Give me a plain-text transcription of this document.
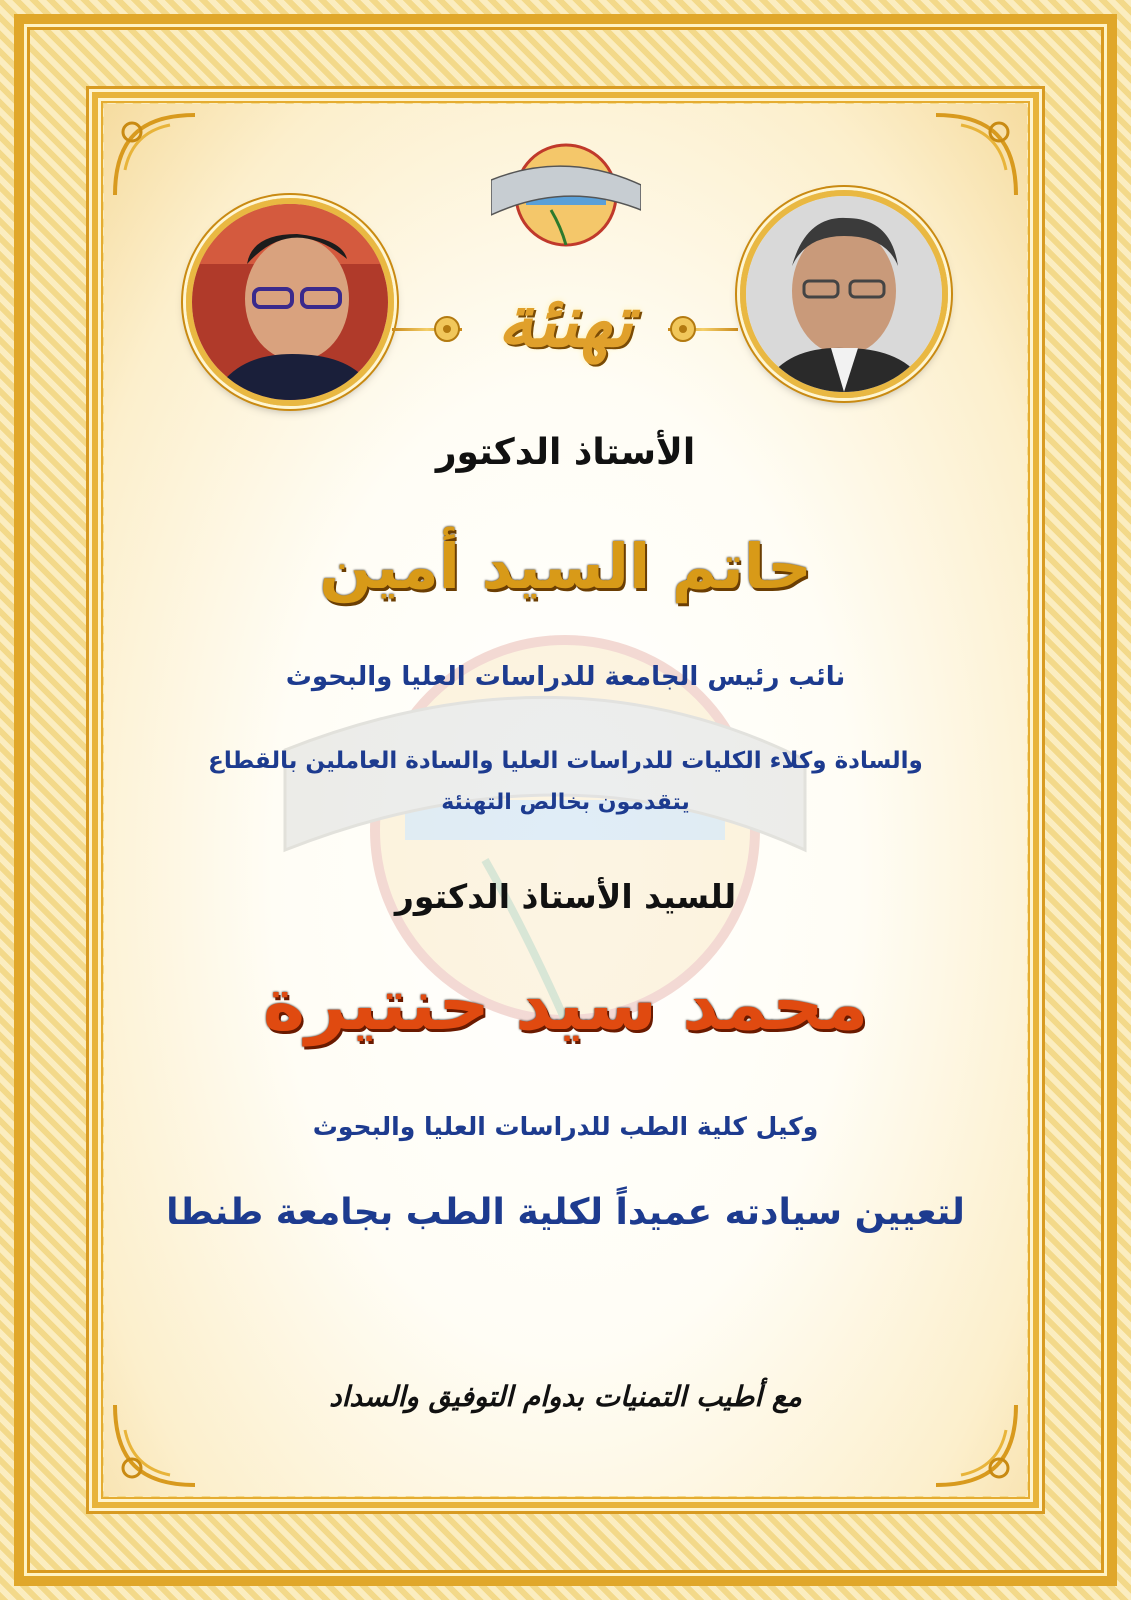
تهنئة
الأستاذ الدكتور
حاتم السيد أمين
نائب رئيس الجامعة للدراسات العليا والبحوث
والسادة وكلاء الكليات للدراسات العليا والسادة العاملين بالقطاع
يتقدمون بخالص التهنئة
للسيد الأستاذ الدكتور
محمد سيد حنتيرة
وكيل كلية الطب للدراسات العليا والبحوث
لتعيين سيادته عميداً لكلية الطب بجامعة طنطا
مع أطيب التمنيات بدوام التوفيق والسداد
